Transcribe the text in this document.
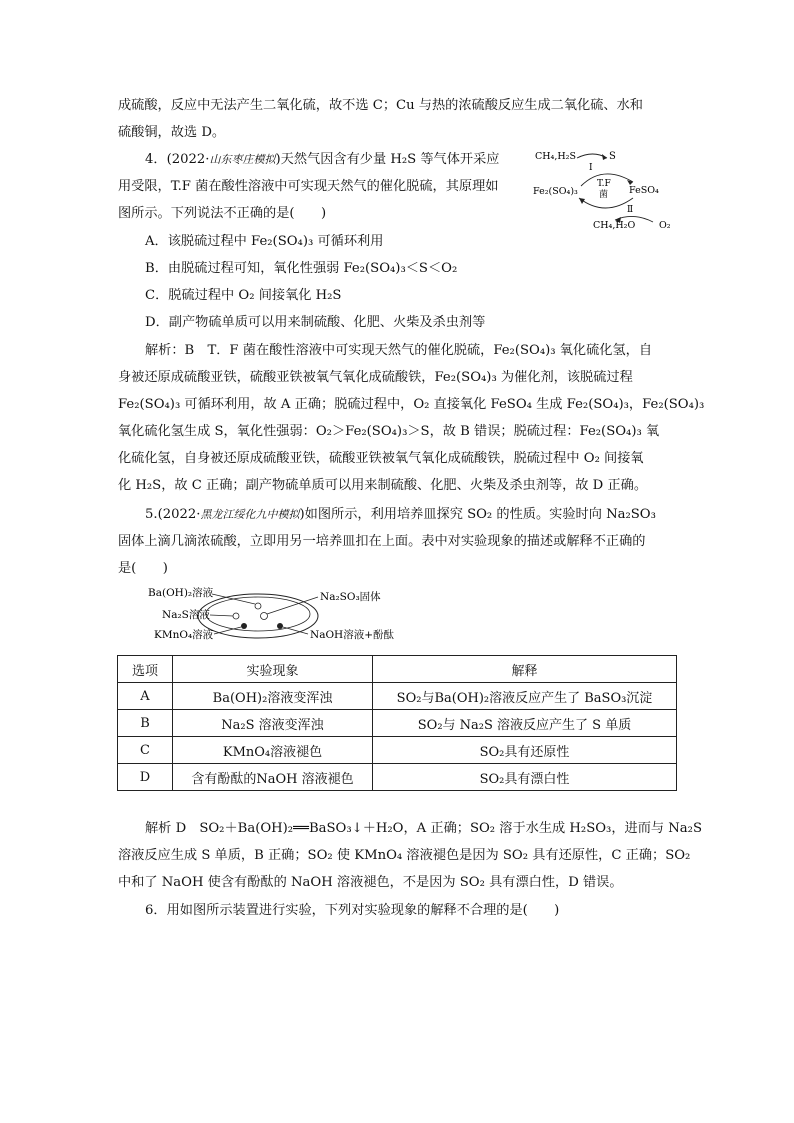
成硫酸，反应中无法产生二氧化硫，故不选 C；Cu 与热的浓硫酸反应生成二氧化硫、水和
硫酸铜，故选 D。
4．(2022·山东枣庄模拟)天然气因含有少量 H₂S 等气体开采应
用受限，T.F 菌在酸性溶液中可实现天然气的催化脱硫，其原理如
图所示。下列说法不正确的是(　　)
A．该脱硫过程中 Fe₂(SO₄)₃ 可循环利用
B．由脱硫过程可知，氧化性强弱 Fe₂(SO₄)₃＜S＜O₂
C．脱硫过程中 O₂ 间接氧化 H₂S
D．副产物硫单质可以用来制硫酸、化肥、火柴及杀虫剂等
CH₄,H₂S	S
Ⅰ
Fe₂(SO₄)₃
T.F
菌 FeSO₄
Ⅱ
CH₄,H₂O O₂
解析：B　T．F 菌在酸性溶液中可实现天然气的催化脱硫，Fe₂(SO₄)₃ 氧化硫化氢，自
身被还原成硫酸亚铁，硫酸亚铁被氧气氧化成硫酸铁，Fe₂(SO₄)₃ 为催化剂，该脱硫过程
Fe₂(SO₄)₃ 可循环利用，故 A 正确；脱硫过程中，O₂ 直接氧化 FeSO₄ 生成 Fe₂(SO₄)₃，Fe₂(SO₄)₃
氧化硫化氢生成 S，氧化性强弱：O₂＞Fe₂(SO₄)₃＞S，故 B 错误；脱硫过程：Fe₂(SO₄)₃ 氧
化硫化氢，自身被还原成硫酸亚铁，硫酸亚铁被氧气氧化成硫酸铁，脱硫过程中 O₂ 间接氧
化 H₂S，故 C 正确；副产物硫单质可以用来制硫酸、化肥、火柴及杀虫剂等，故 D 正确。
5.(2022·黑龙江绥化九中模拟)如图所示，利用培养皿探究 SO₂ 的性质。实验时向 Na₂SO₃
固体上滴几滴浓硫酸，立即用另一培养皿扣在上面。表中对实验现象的描述或解释不正确的
是(　　)
Ba(OH)₂溶液
Na₂S溶液
KMnO₄溶液
Na₂SO₃固体
NaOH溶液+酚酞
选项	实验现象	解释
A	Ba(OH)₂溶液变浑浊	SO₂与Ba(OH)₂溶液反应产生了 BaSO₃沉淀
B	Na₂S 溶液变浑浊	SO₂与 Na₂S 溶液反应产生了 S 单质
C	KMnO₄溶液褪色	SO₂具有还原性
D	含有酚酞的NaOH 溶液褪色	SO₂具有漂白性
解析 D　SO₂＋Ba(OH)₂══BaSO₃↓＋H₂O，A 正确；SO₂ 溶于水生成 H₂SO₃，进而与 Na₂S
溶液反应生成 S 单质，B 正确；SO₂ 使 KMnO₄ 溶液褪色是因为 SO₂ 具有还原性，C 正确；SO₂
中和了 NaOH 使含有酚酞的 NaOH 溶液褪色，不是因为 SO₂ 具有漂白性，D 错误。
6．用如图所示装置进行实验，下列对实验现象的解释不合理的是(　　)
